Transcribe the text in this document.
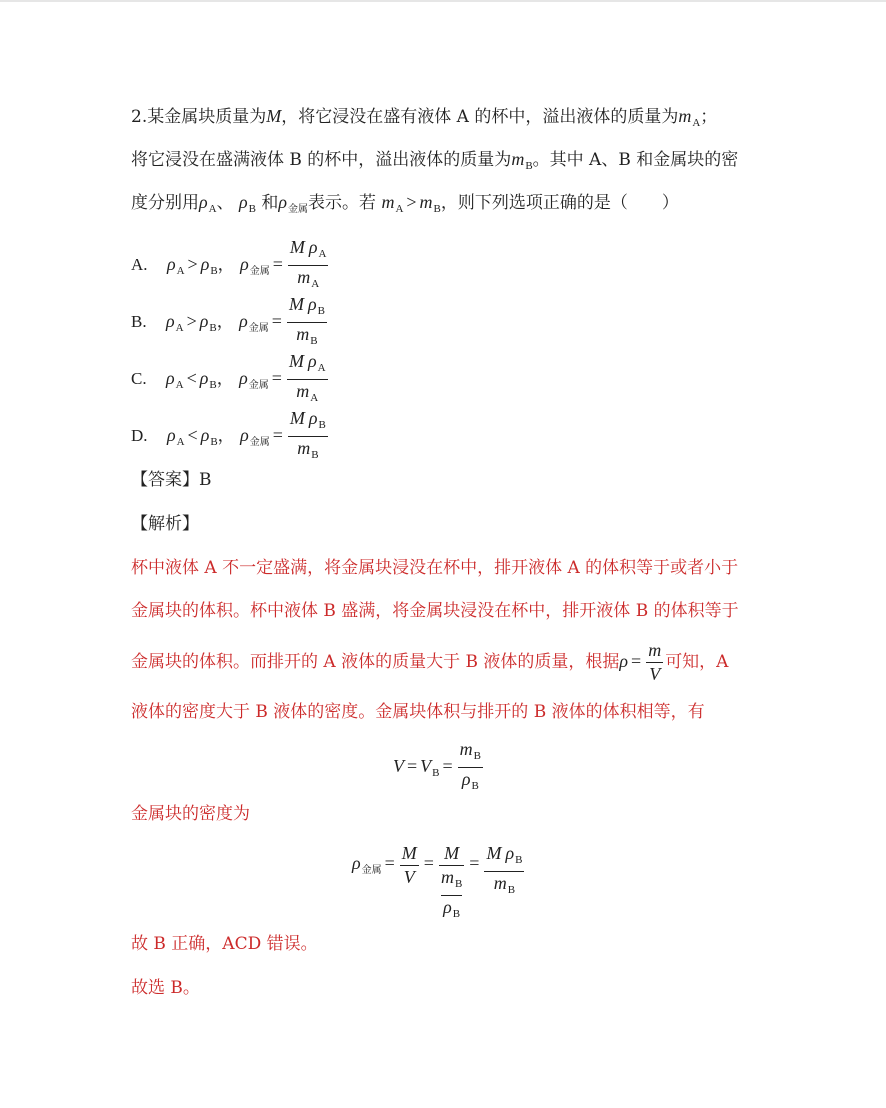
2.某金属块质量为M，将它浸没在盛有液体 A 的杯中，溢出液体的质量为$m_A$；
将它浸没在盛满液体 B 的杯中，溢出液体的质量为$m_B$。其中 A、B 和金属块的密
度分别用$\rho_A$、 $\rho_B$ 和$\rho_{金属}$表示。若 $m_A > m_B$，则下列选项正确的是（　　）
A. $\rho_A > \rho_B$， $\rho_{金属} = \frac{M \rho_A}{m_A}$
B. $\rho_A > \rho_B$， $\rho_{金属} = \frac{M \rho_B}{m_B}$
C. $\rho_A < \rho_B$， $\rho_{金属} = \frac{M \rho_A}{m_A}$
D. $\rho_A < \rho_B$， $\rho_{金属} = \frac{M \rho_B}{m_B}$
【答案】B
【解析】
杯中液体 A 不一定盛满，将金属块浸没在杯中，排开液体 A 的体积等于或者小于
金属块的体积。杯中液体 B 盛满，将金属块浸没在杯中，排开液体 B 的体积等于
金属块的体积。而排开的 A 液体的质量大于 B 液体的质量，根据$\rho = \frac{m}{V}$ 可知，A
液体的密度大于 B 液体的密度。金属块体积与排开的 B 液体的体积相等，有
$V = V_B = \frac{m_B}{\rho_B}$
金属块的密度为
$\rho_{金属} = \frac{M}{V} = M$
$m_B$
$\rho_B$
= $\frac{M \rho_B}{m_B}$
故 B 正确，ACD 错误。
故选 B。
